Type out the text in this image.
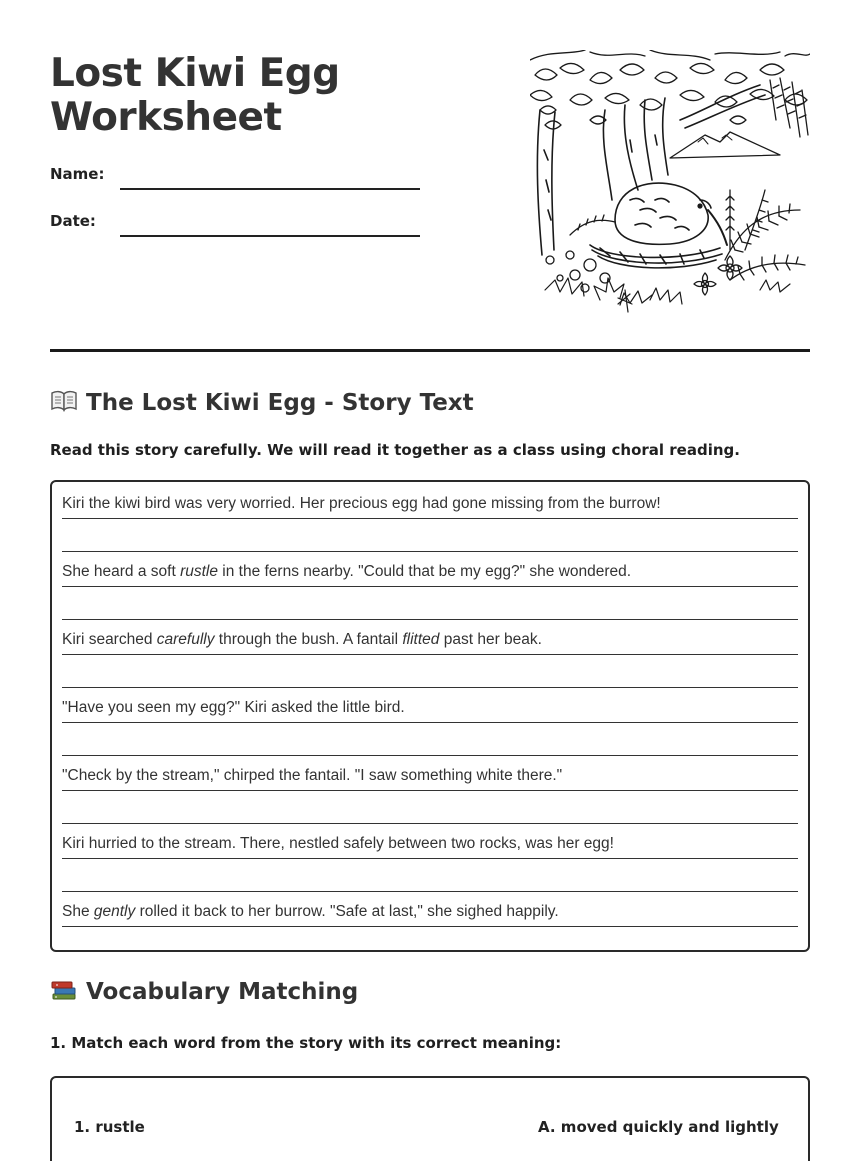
Lost Kiwi Egg Worksheet
Name:
Date:
The Lost Kiwi Egg - Story Text

Read this story carefully. We will read it together as a class using choral reading.

Kiri the kiwi bird was very worried. Her precious egg had gone missing from the burrow!
She heard a soft rustle in the ferns nearby. "Could that be my egg?" she wondered.
Kiri searched carefully through the bush. A fantail flitted past her beak.
"Have you seen my egg?" Kiri asked the little bird.
"Check by the stream," chirped the fantail. "I saw something white there."
Kiri hurried to the stream. There, nestled safely between two rocks, was her egg!
She gently rolled it back to her burrow. "Safe at last," she sighed happily.
Vocabulary Matching

1. Match each word from the story with its correct meaning:

1. rustle	A. moved quickly and lightly
